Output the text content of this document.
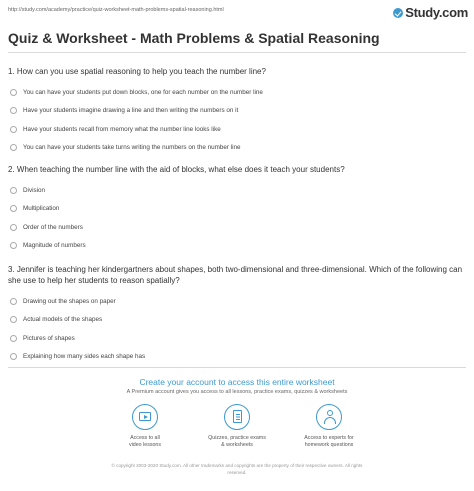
http://study.com/academy/practice/quiz-worksheet-math-problems-spatial-reasoning.html	Study.com
Quiz & Worksheet - Math Problems & Spatial Reasoning

1. How can you use spatial reasoning to help you teach the number line?

You can have your students put down blocks, one for each number on the number line
Have your students imagine drawing a line and then writing the numbers on it
Have your students recall from memory what the number line looks like
You can have your students take turns writing the numbers on the number line

2. When teaching the number line with the aid of blocks, what else does it teach your students?

Division
Multiplication
Order of the numbers
Magnitude of numbers

3. Jennifer is teaching her kindergartners about shapes, both two-dimensional and three-dimensional. Which of the following can she use to help her students to reason spatially?

Drawing out the shapes on paper
Actual models of the shapes
Pictures of shapes
Explaining how many sides each shape has

Create your account to access this entire worksheet

A Premium account gives you access to all lessons, practice exams, quizzes & worksheets

Access to all
video lessons

Quizzes, practice exams
& worksheets

Access to experts for
homework questions

© copyright 2003-2020 Study.com. All other trademarks and copyrights are the property of their respective owners. All rights
reserved.
